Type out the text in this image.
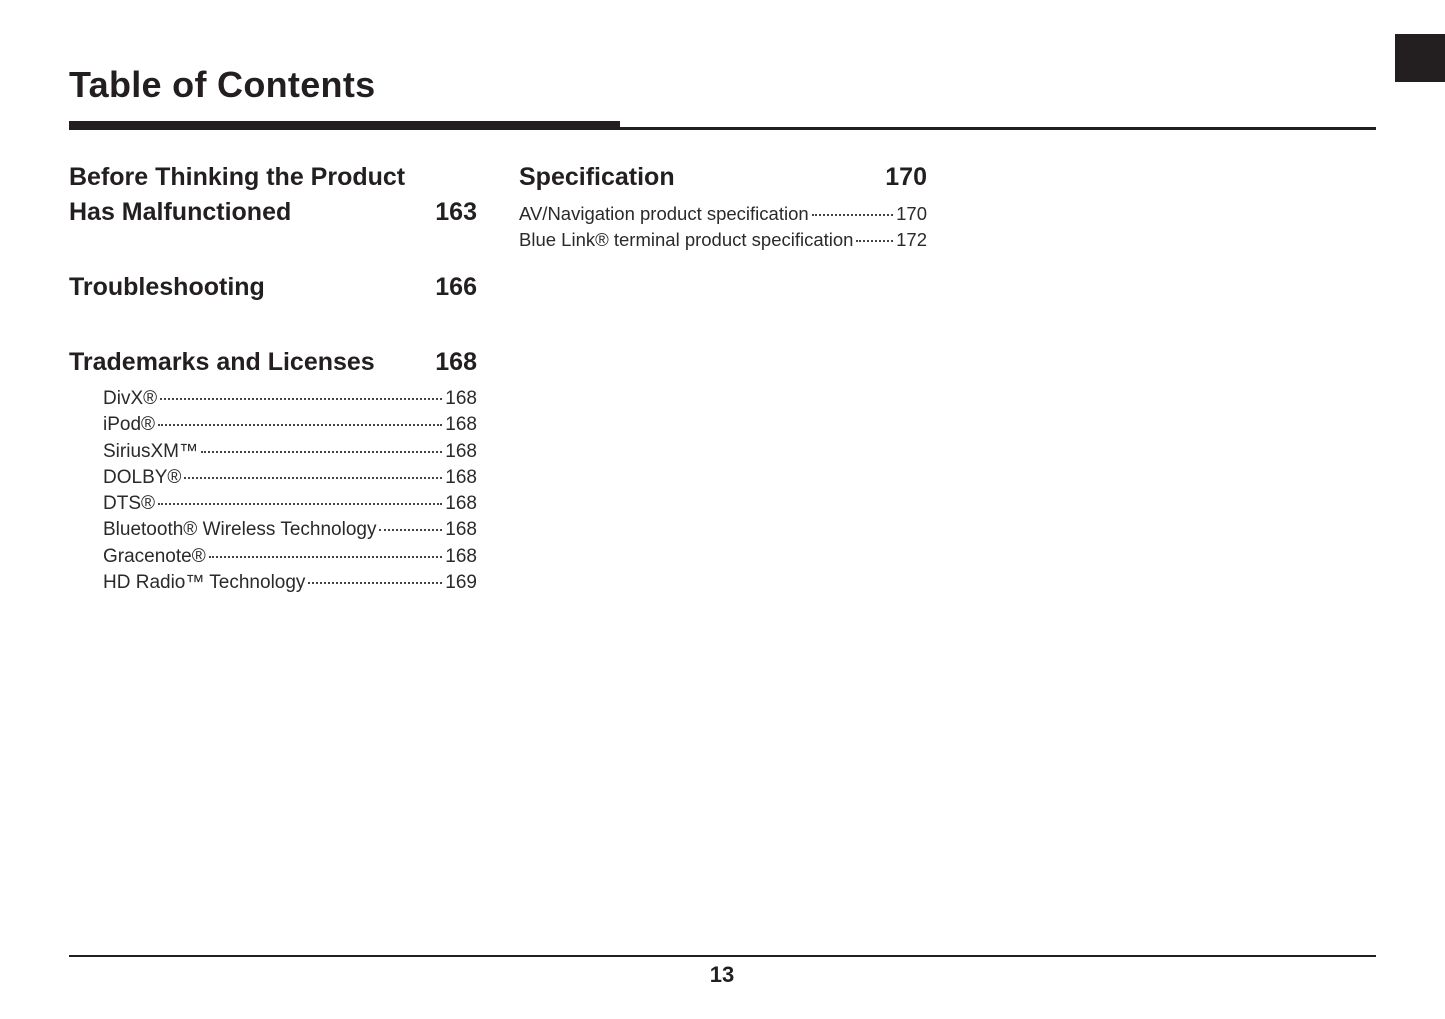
Table of Contents
Before Thinking the Product Has Malfunctioned	163
Troubleshooting	166
Trademarks and Licenses	168
DivX®	168
iPod®	168
SiriusXM™	168
DOLBY®	168
DTS®	168
Bluetooth® Wireless Technology	168
Gracenote®	168
HD Radio™ Technology	169
Specification	170
AV/Navigation product specification	170
Blue Link® terminal product specification 172
13
